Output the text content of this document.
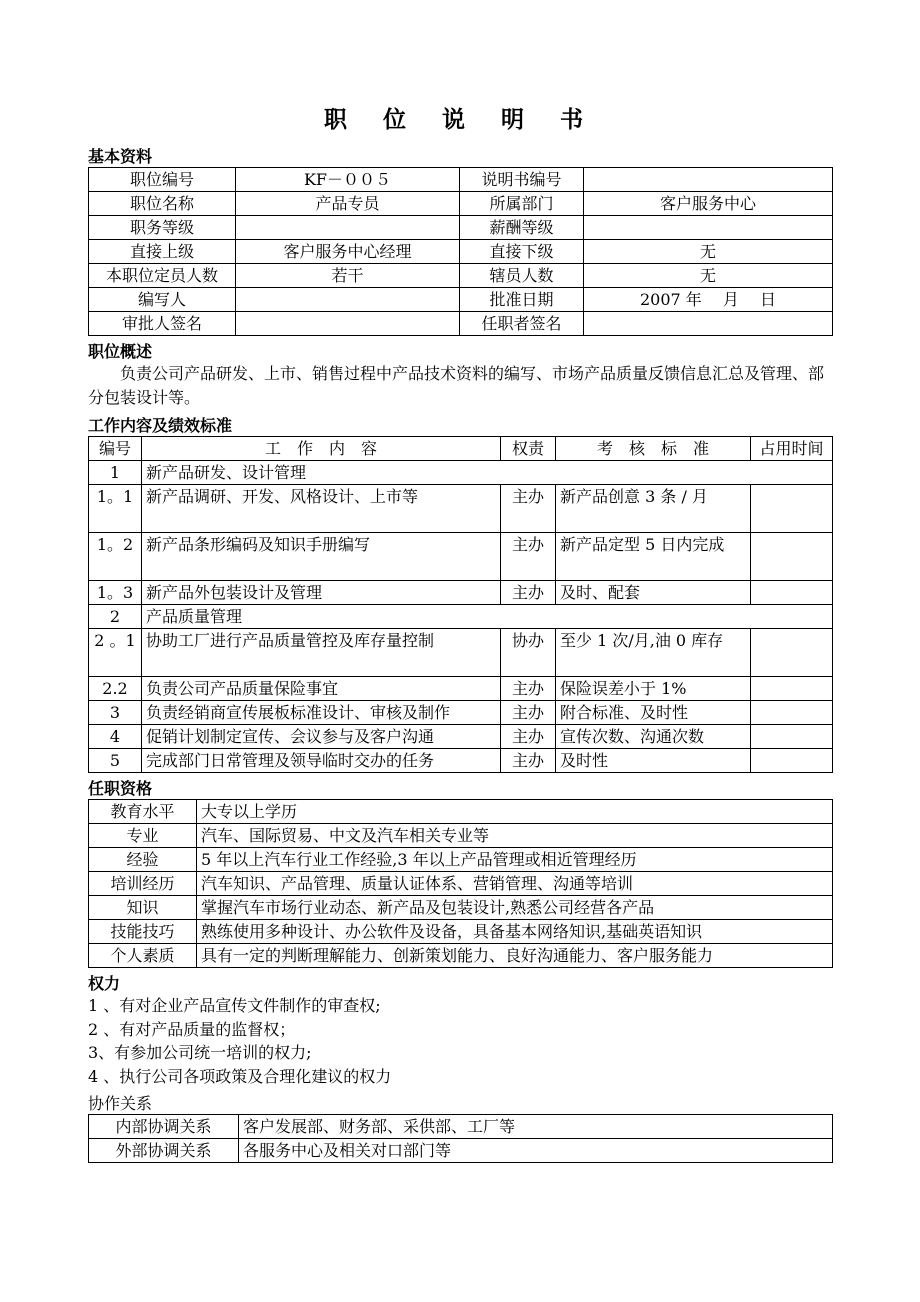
职 位 说 明 书
基本资料
职位编号	KF－００５	说明书编号	
职位名称	产品专员	所属部门	客户服务中心
职务等级		薪酬等级	
直接上级	客户服务中心经理	直接下级	无
本职位定员人数	若干	辖员人数	无
编写人		批准日期	2007 年　 月　 日
审批人签名		任职者签名	
职位概述
负责公司产品研发、上市、销售过程中产品技术资料的编写、市场产品质量反馈信息汇总及管理、部分包装设计等。
工作内容及绩效标准
编号	工　作　内　容	权责	考　核　标　准	占用时间
1	新产品研发、设计管理			
1。1	新产品调研、开发、风格设计、上市等	主办	新产品创意 3 条 / 月	
1。2	新产品条形编码及知识手册编写	主办	新产品定型 5 日内完成	
1。3	新产品外包装设计及管理	主办	及时、配套	
2	产品质量管理			
2 。1	协助工厂进行产品质量管控及库存量控制	协办	至少 1 次/月,油 0 库存	
2.2	负责公司产品质量保险事宜	主办	保险误差小于 1%	
3	负责经销商宣传展板标准设计、审核及制作	主办	附合标准、及时性	
4	促销计划制定宣传、会议参与及客户沟通	主办	宣传次数、沟通次数	
5	完成部门日常管理及领导临时交办的任务	主办	及时性	
任职资格
教育水平	大专以上学历
专业	汽车、国际贸易、中文及汽车相关专业等
经验	5 年以上汽车行业工作经验,3 年以上产品管理或相近管理经历
培训经历	汽车知识、产品管理、质量认证体系、营销管理、沟通等培训
知识	掌握汽车市场行业动态、新产品及包装设计,熟悉公司经营各产品
技能技巧	熟练使用多种设计、办公软件及设备，具备基本网络知识,基础英语知识
个人素质	具有一定的判断理解能力、创新策划能力、良好沟通能力、客户服务能力
权力
1 、有对企业产品宣传文件制作的审查权;
2 、有对产品质量的监督权；
3、有参加公司统一培训的权力;
4 、执行公司各项政策及合理化建议的权力
协作关系
内部协调关系	客户发展部、财务部、采供部、工厂等
外部协调关系	各服务中心及相关对口部门等
